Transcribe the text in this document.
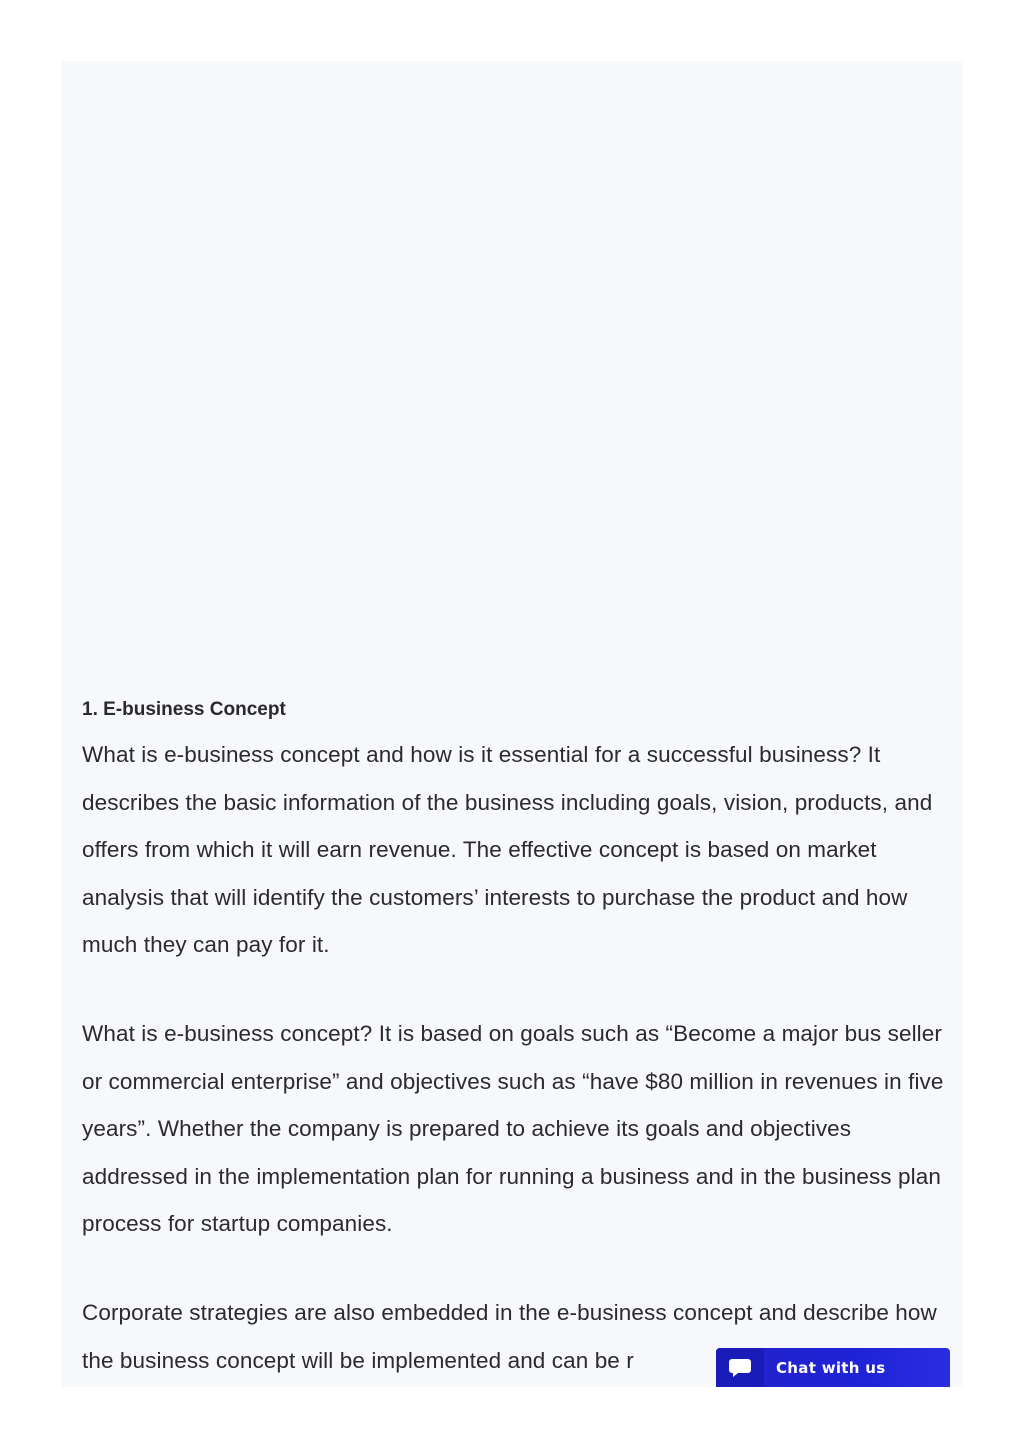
1. E-business Concept

What is e-business concept and how is it essential for a successful business? It describes the basic information of the business including goals, vision, products, and offers from which it will earn revenue. The effective concept is based on market analysis that will identify the customers’ interests to purchase the product and how much they can pay for it.

What is e-business concept? It is based on goals such as “Become a major bus seller or commercial enterprise” and objectives such as “have $80 million in revenues in five years”. Whether the company is prepared to achieve its goals and objectives addressed in the implementation plan for running a business and in the business plan process for startup companies.

Corporate strategies are also embedded in the e-business concept and describe how the business concept will be implemented and can be r	Chat with us
